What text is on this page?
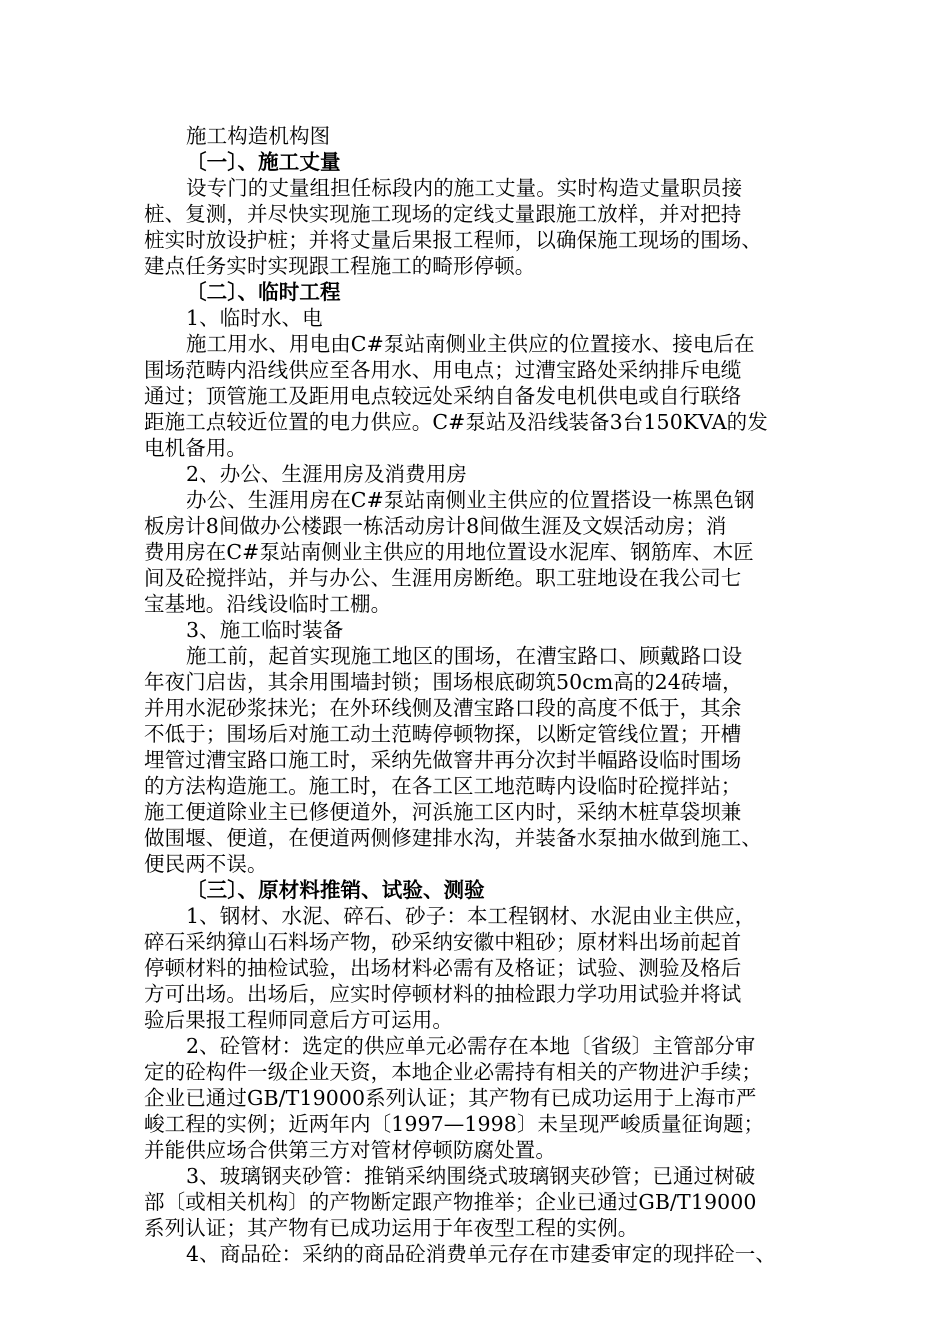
施工构造机构图
〔一〕、施工丈量
设专门的丈量组担任标段内的施工丈量。实时构造丈量职员接
桩、复测，并尽快实现施工现场的定线丈量跟施工放样，并对把持
桩实时放设护桩；并将丈量后果报工程师，以确保施工现场的围场、
建点任务实时实现跟工程施工的畸形停顿。
〔二〕、临时工程
1、临时水、电
施工用水、用电由C#泵站南侧业主供应的位置接水、接电后在
围场范畴内沿线供应至各用水、用电点；过漕宝路处采纳排斥电缆
通过；顶管施工及距用电点较远处采纳自备发电机供电或自行联络
距施工点较近位置的电力供应。C#泵站及沿线装备3台150KVA的发
电机备用。
2、办公、生涯用房及消费用房
办公、生涯用房在C#泵站南侧业主供应的位置搭设一栋黑色钢
板房计8间做办公楼跟一栋活动房计8间做生涯及文娱活动房；消
费用房在C#泵站南侧业主供应的用地位置设水泥库、钢筋库、木匠
间及砼搅拌站，并与办公、生涯用房断绝。职工驻地设在我公司七
宝基地。沿线设临时工棚。
3、施工临时装备
施工前，起首实现施工地区的围场，在漕宝路口、顾戴路口设
年夜门启齿，其余用围墙封锁；围场根底砌筑50cm高的24砖墙，
并用水泥砂浆抹光；在外环线侧及漕宝路口段的高度不低于，其余
不低于；围场后对施工动土范畴停顿物探，以断定管线位置；开槽
埋管过漕宝路口施工时，采纳先做窨井再分次封半幅路设临时围场
的方法构造施工。施工时，在各工区工地范畴内设临时砼搅拌站；
施工便道除业主已修便道外，河浜施工区内时，采纳木桩草袋坝兼
做围堰、便道，在便道两侧修建排水沟，并装备水泵抽水做到施工、
便民两不误。
〔三〕、原材料推销、试验、测验
1、钢材、水泥、碎石、砂子：本工程钢材、水泥由业主供应，
碎石采纳獐山石料场产物，砂采纳安徽中粗砂；原材料出场前起首
停顿材料的抽检试验，出场材料必需有及格证；试验、测验及格后
方可出场。出场后，应实时停顿材料的抽检跟力学功用试验并将试
验后果报工程师同意后方可运用。
2、砼管材：选定的供应单元必需存在本地〔省级〕主管部分审
定的砼构件一级企业天资，本地企业必需持有相关的产物进沪手续；
企业已通过GB/T19000系列认证；其产物有已成功运用于上海市严
峻工程的实例；近两年内〔1997—1998〕未呈现严峻质量征询题；
并能供应场合供第三方对管材停顿防腐处置。
3、玻璃钢夹砂管：推销采纳围绕式玻璃钢夹砂管；已通过树破
部〔或相关机构〕的产物断定跟产物推举；企业已通过GB/T19000
系列认证；其产物有已成功运用于年夜型工程的实例。
4、商品砼：采纳的商品砼消费单元存在市建委审定的现拌砼一、
